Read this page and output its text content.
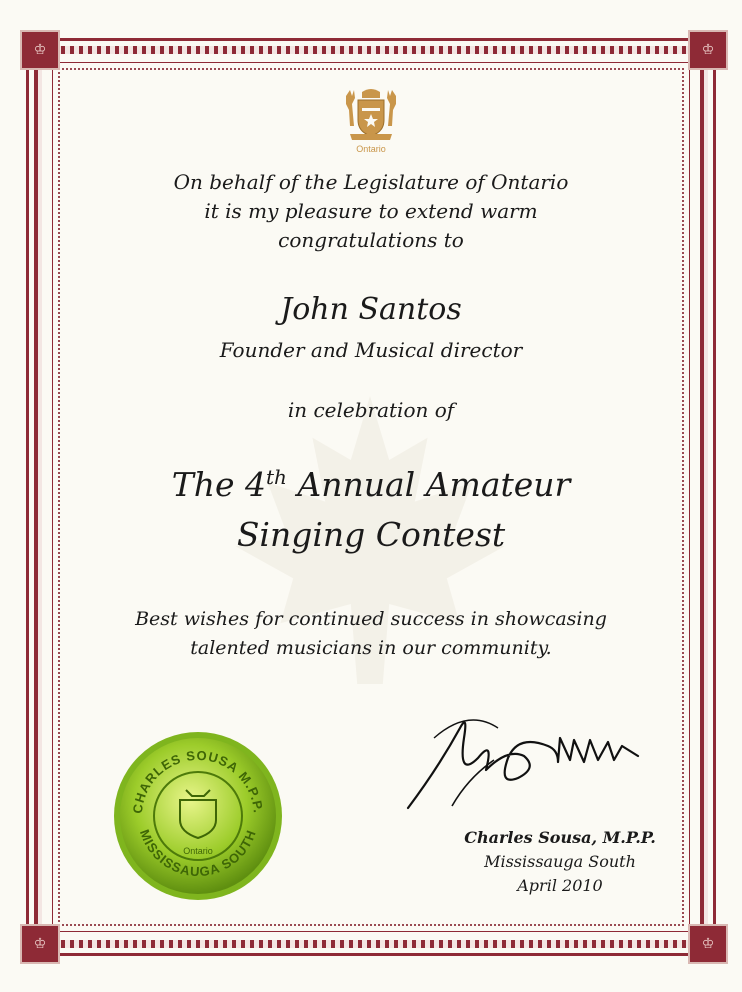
♔	♔
♔	♔
Ontario
On behalf of the Legislature of Ontario
it is my pleasure to extend warm
congratulations to
John Santos
Founder and Musical director
in celebration of
The 4th Annual Amateur
Singing Contest
Best wishes for continued success in showcasing
talented musicians in our community.
CHARLES SOUSA M.P.P.
MISSISSAUGA SOUTH
Ontario
Charles Sousa, M.P.P.
Mississauga South
April 2010
